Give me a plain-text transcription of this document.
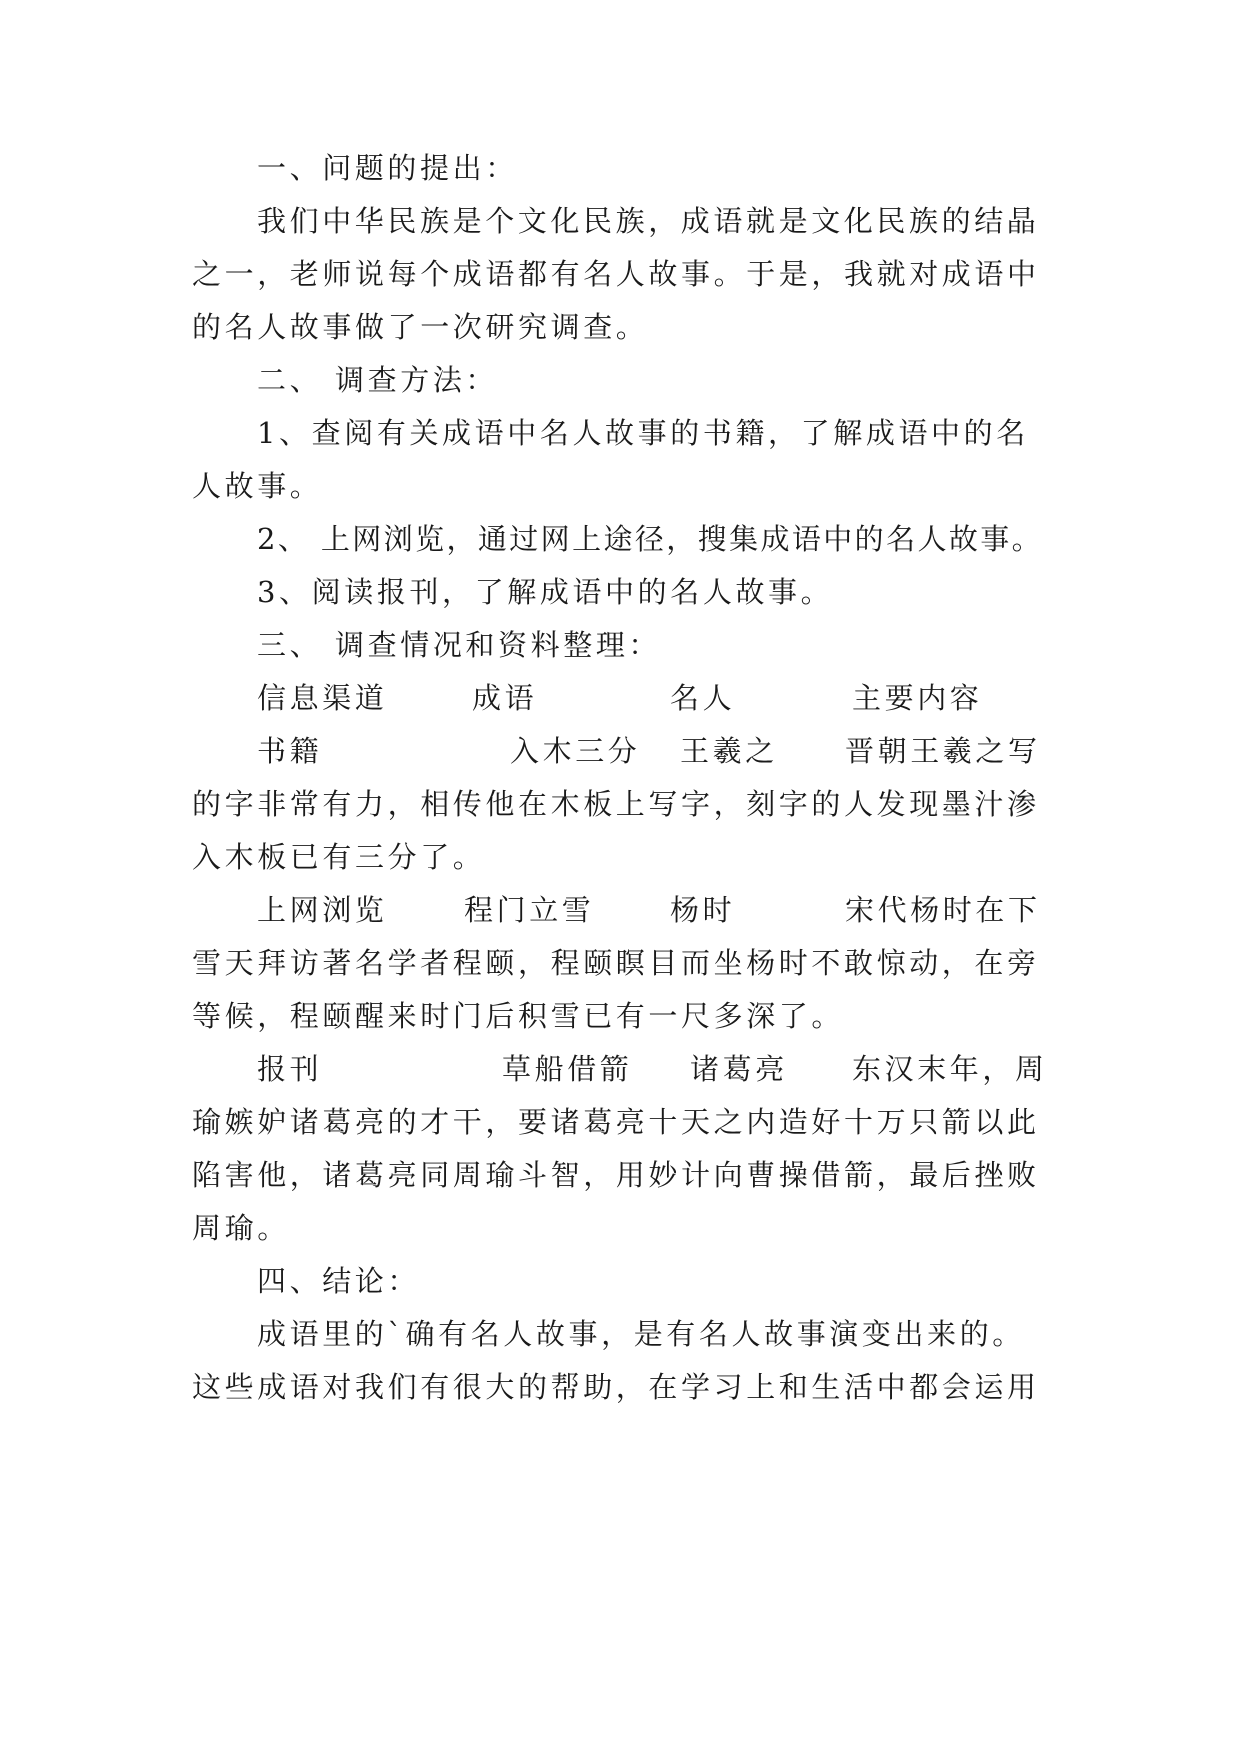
一、问题的提出：
我们中华民族是个文化民族，成语就是文化民族的结晶
之一，老师说每个成语都有名人故事。于是，我就对成语中
的名人故事做了一次研究调查。
二、 调查方法：
1、查阅有关成语中名人故事的书籍，了解成语中的名
人故事。
2、 上网浏览，通过网上途径，搜集成语中的名人故事。
3、阅读报刊，了解成语中的名人故事。
三、 调查情况和资料整理：
信息渠道	成语	名人	主要内容
书籍	入木三分 王羲之 晋朝王羲之写
的字非常有力，相传他在木板上写字，刻字的人发现墨汁渗
入木板已有三分了。
上网浏览	程门立雪	杨时	宋代杨时在下
雪天拜访著名学者程颐，程颐瞑目而坐杨时不敢惊动，在旁
等候，程颐醒来时门后积雪已有一尺多深了。
报刊	草船借箭 诸葛亮 东汉末年，周
瑜嫉妒诸葛亮的才干，要诸葛亮十天之内造好十万只箭以此
陷害他，诸葛亮同周瑜斗智，用妙计向曹操借箭，最后挫败
周瑜。
四、结论：
成语里的`确有名人故事，是有名人故事演变出来的。
这些成语对我们有很大的帮助，在学习上和生活中都会运用
